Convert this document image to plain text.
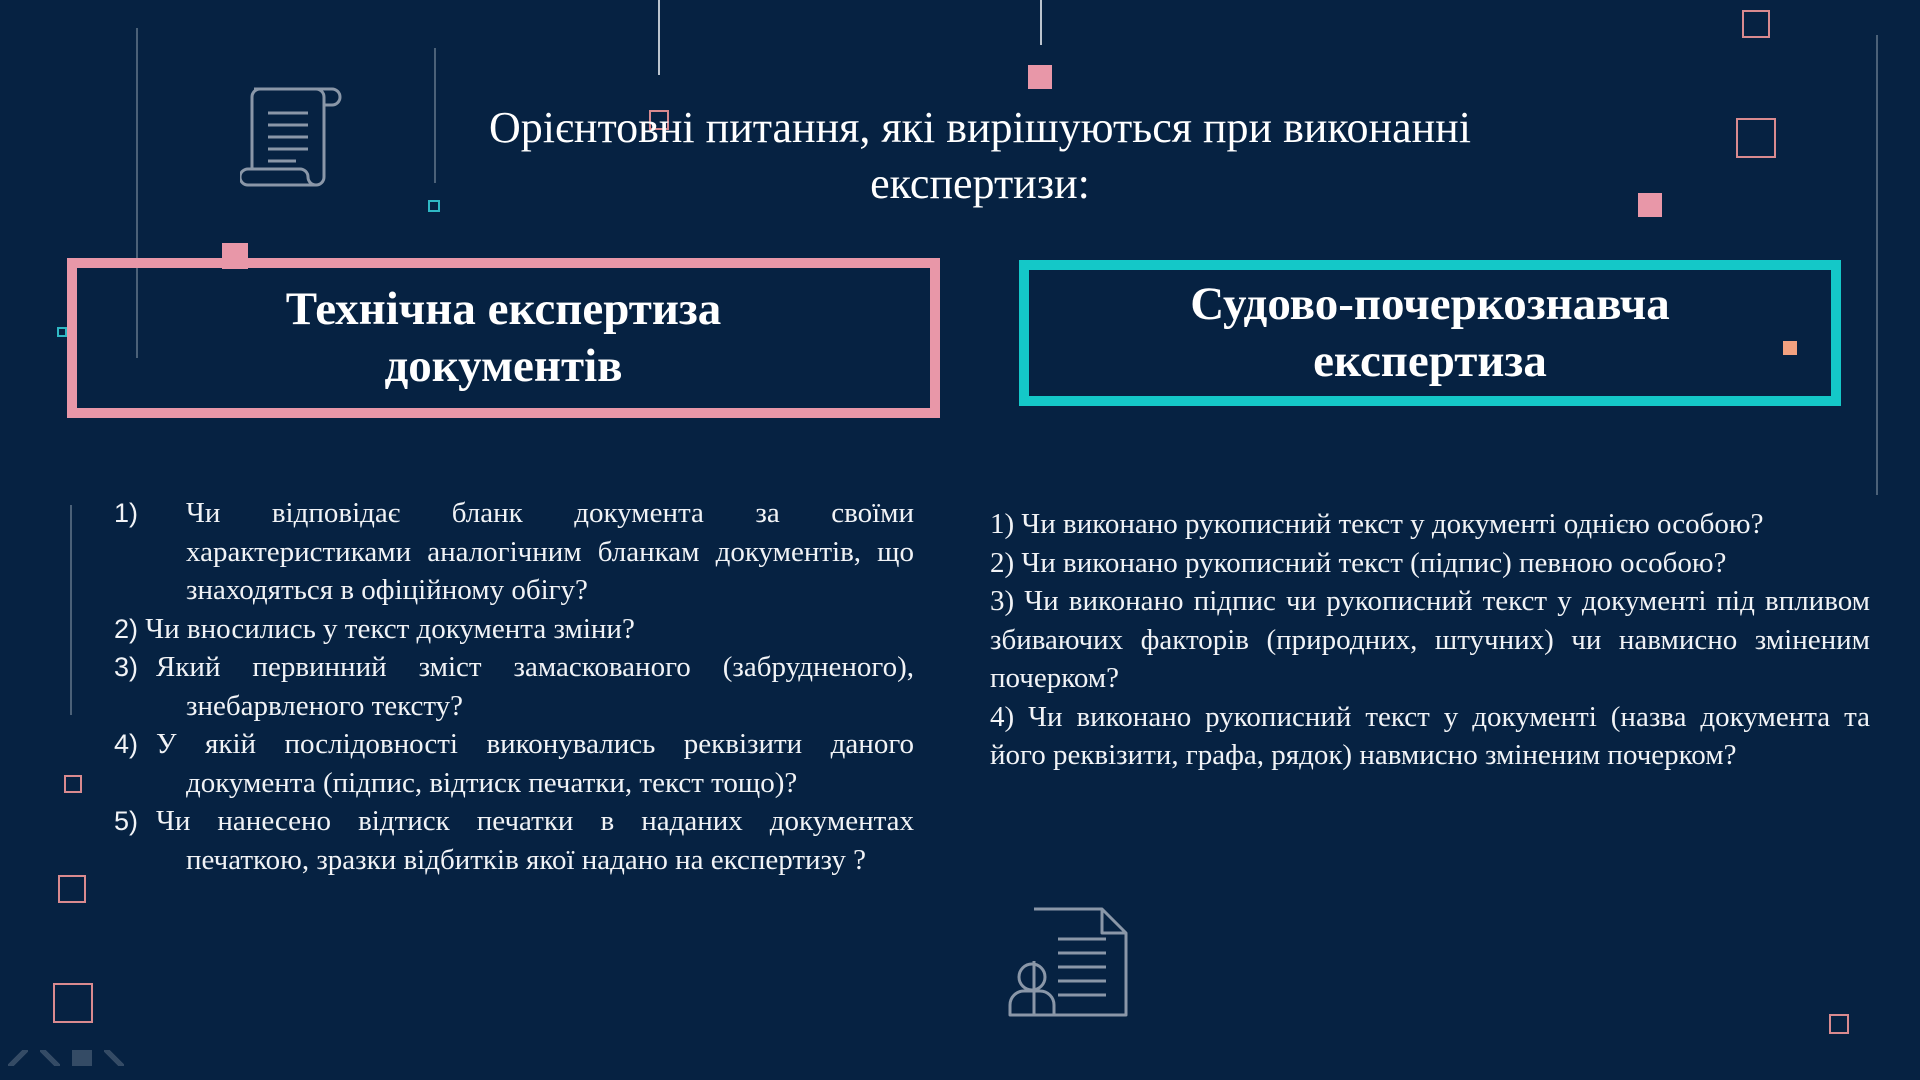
Орієнтовні питання, які вирішуються при виконанні
експертизи:
Технічна експертиза
документів
Судово-почеркознавча
експертиза
1) Чи відповідає бланк документа за своїми
характеристиками аналогічним бланкам документів, що знаходяться в офіційному обігу?
2) Чи вносились у текст документа зміни?
3) Який первинний зміст замаскованого (забрудненого),
знебарвленого тексту?
4) У якій послідовності виконувались реквізити даного
документа (підпис, відтиск печатки, текст тощо)?
5) Чи нанесено відтиск печатки в наданих документах
печаткою, зразки відбитків якої надано на експертизу ?

1) Чи виконано рукописний текст у документі однією особою?

2) Чи виконано рукописний текст (підпис) певною особою?

3) Чи виконано підпис чи рукописний текст у документі під впливом збиваючих факторів (природних, штучних) чи навмисно зміненим почерком?

4) Чи виконано рукописний текст у документі (назва документа та його реквізити, графа, рядок) навмисно зміненим почерком?
